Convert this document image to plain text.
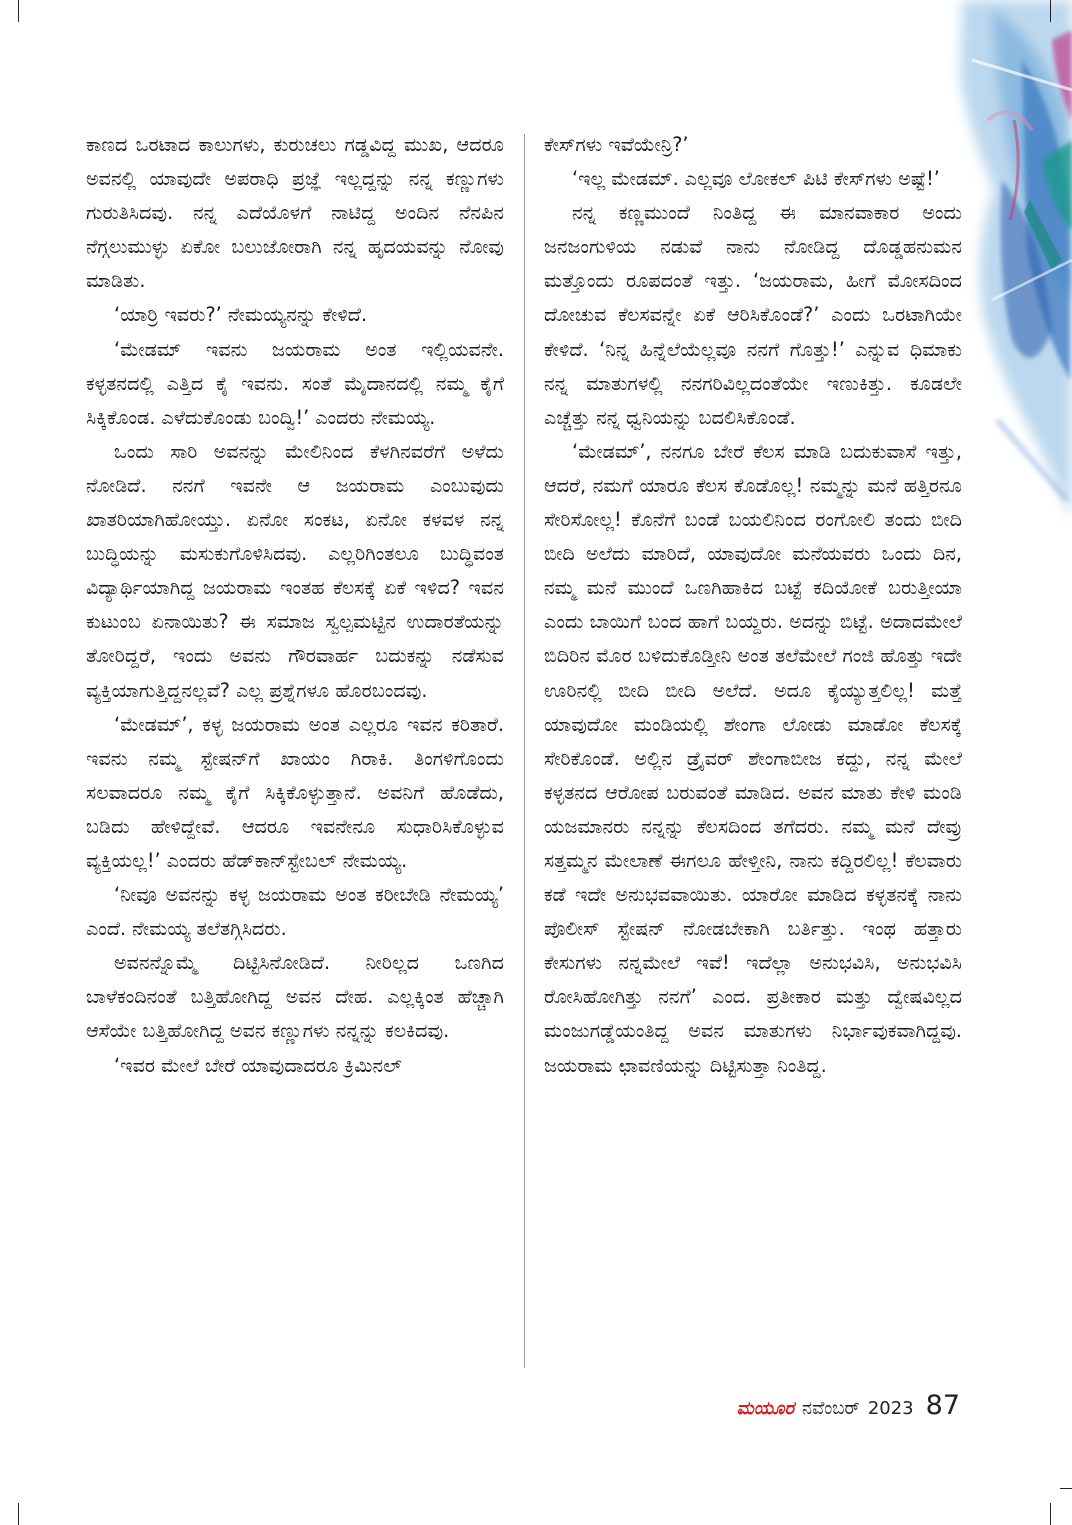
ಕಾಣದ ಒರಟಾದ ಕಾಲುಗಳು, ಕುರುಚಲು ಗಡ್ಡವಿದ್ದ ಮುಖ, ಆದರೂ ಅವನಲ್ಲಿ ಯಾವುದೇ ಅಪರಾಧಿ ಪ್ರಜ್ಞೆ ಇಲ್ಲದ್ದನ್ನು ನನ್ನ ಕಣ್ಣುಗಳು ಗುರುತಿಸಿದವು. ನನ್ನ ಎದೆಯೊಳಗೆ ನಾಟಿದ್ದ ಅಂದಿನ ನೆನಪಿನ ನೆಗ್ಗಲುಮುಳ್ಳು ಏಕೋ ಬಲುಜೋರಾಗಿ ನನ್ನ ಹೃದಯವನ್ನು ನೋವು ಮಾಡಿತು.

‘ಯಾರ್ರಿ ಇವರು?’ ನೇಮಯ್ಯನನ್ನು ಕೇಳಿದೆ.

‘ಮೇಡಮ್ ಇವನು ಜಯರಾಮ ಅಂತ ಇಲ್ಲಿಯವನೇ. ಕಳ್ಳತನದಲ್ಲಿ ಎತ್ತಿದ ಕೈ ಇವನು. ಸಂತೆ ಮೈದಾನದಲ್ಲಿ ನಮ್ಮ ಕೈಗೆ ಸಿಕ್ಕಿಕೊಂಡ. ಎಳೆದುಕೊಂಡು ಬಂದ್ವಿ!’ ಎಂದರು ನೇಮಯ್ಯ.

ಒಂದು ಸಾರಿ ಅವನನ್ನು ಮೇಲಿನಿಂದ ಕೆಳಗಿನವರೆಗೆ ಅಳೆದು ನೋಡಿದೆ. ನನಗೆ ಇವನೇ ಆ ಜಯರಾಮ ಎಂಬುವುದು ಖಾತರಿಯಾಗಿಹೋಯ್ತು. ಏನೋ ಸಂಕಟ, ಏನೋ ಕಳವಳ ನನ್ನ ಬುದ್ಧಿಯನ್ನು ಮಸುಕುಗೊಳಿಸಿದವು. ಎಲ್ಲರಿಗಿಂತಲೂ ಬುದ್ಧಿವಂತ ವಿದ್ಯಾರ್ಥಿಯಾಗಿದ್ದ ಜಯರಾಮ ಇಂತಹ ಕೆಲಸಕ್ಕೆ ಏಕೆ ಇಳಿದ? ಇವನ ಕುಟುಂಬ ಏನಾಯಿತು? ಈ ಸಮಾಜ ಸ್ವಲ್ಪಮಟ್ಟಿನ ಉದಾರತೆಯನ್ನು ತೋರಿದ್ದರೆ, ಇಂದು ಅವನು ಗೌರವಾರ್ಹ ಬದುಕನ್ನು ನಡೆಸುವ ವ್ಯಕ್ತಿಯಾಗುತ್ತಿದ್ದನಲ್ಲವೆ? ಎಲ್ಲ ಪ್ರಶ್ನೆಗಳೂ ಹೊರಬಂದವು.

‘ಮೇಡಮ್’, ಕಳ್ಳ ಜಯರಾಮ ಅಂತ ಎಲ್ಲರೂ ಇವನ ಕರಿತಾರೆ. ಇವನು ನಮ್ಮ ಸ್ಟೇಷನ್‌ಗೆ ಖಾಯಂ ಗಿರಾಕಿ. ತಿಂಗಳಿಗೊಂದು ಸಲವಾದರೂ ನಮ್ಮ ಕೈಗೆ ಸಿಕ್ಕಿಕೊಳ್ಳುತ್ತಾನೆ. ಅವನಿಗೆ ಹೊಡೆದು, ಬಡಿದು ಹೇಳಿದ್ದೇವೆ. ಆದರೂ ಇವನೇನೂ ಸುಧಾರಿಸಿಕೊಳ್ಳುವ ವ್ಯಕ್ತಿಯಲ್ಲ!’ ಎಂದರು ಹೆಡ್‌ಕಾನ್‌ಸ್ಟೇಬಲ್ ನೇಮಯ್ಯ.

‘ನೀವೂ ಅವನನ್ನು ಕಳ್ಳ ಜಯರಾಮ ಅಂತ ಕರೀಬೇಡಿ ನೇಮಯ್ಯ’ ಎಂದೆ. ನೇಮಯ್ಯ ತಲೆತಗ್ಗಿಸಿದರು.

ಅವನನ್ನೊಮ್ಮೆ ದಿಟ್ಟಿಸಿನೋಡಿದೆ. ನೀರಿಲ್ಲದ ಒಣಗಿದ ಬಾಳೆಕಂದಿನಂತೆ ಬತ್ತಿಹೋಗಿದ್ದ ಅವನ ದೇಹ. ಎಲ್ಲಕ್ಕಿಂತ ಹೆಚ್ಚಾಗಿ ಆಸೆಯೇ ಬತ್ತಿಹೋಗಿದ್ದ ಅವನ ಕಣ್ಣುಗಳು ನನ್ನನ್ನು ಕಲಕಿದವು.

‘ಇವರ ಮೇಲೆ ಬೇರೆ ಯಾವುದಾದರೂ ಕ್ರಿಮಿನಲ್

ಕೇಸ್‌ಗಳು ಇವೆಯೇನ್ರಿ?’

‘ಇಲ್ಲ ಮೇಡಮ್. ಎಲ್ಲವೂ ಲೋಕಲ್ ಪಿಟಿ ಕೇಸ್‌ಗಳು ಅಷ್ಟೆ!’

ನನ್ನ ಕಣ್ಣಮುಂದೆ ನಿಂತಿದ್ದ ಈ ಮಾನವಾಕಾರ ಅಂದು ಜನಜಂಗುಳಿಯ ನಡುವೆ ನಾನು ನೋಡಿದ್ದ ದೊಡ್ಡಹನುಮನ ಮತ್ತೊಂದು ರೂಪದಂತೆ ಇತ್ತು. ‘ಜಯರಾಮ, ಹೀಗೆ ಮೋಸದಿಂದ ದೋಚುವ ಕೆಲಸವನ್ನೇ ಏಕೆ ಆರಿಸಿಕೊಂಡೆ?’ ಎಂದು ಒರಟಾಗಿಯೇ ಕೇಳಿದೆ. ‘ನಿನ್ನ ಹಿನ್ನೆಲೆಯೆಲ್ಲವೂ ನನಗೆ ಗೊತ್ತು!’ ಎನ್ನುವ ಧಿಮಾಕು ನನ್ನ ಮಾತುಗಳಲ್ಲಿ ನನಗರಿವಿಲ್ಲದಂತೆಯೇ ಇಣುಕಿತ್ತು. ಕೂಡಲೇ ಎಚ್ಚೆತ್ತು ನನ್ನ ಧ್ವನಿಯನ್ನು ಬದಲಿಸಿಕೊಂಡೆ.

‘ಮೇಡಮ್’, ನನಗೂ ಬೇರೆ ಕೆಲಸ ಮಾಡಿ ಬದುಕುವಾಸೆ ಇತ್ತು, ಆದರೆ, ನಮಗೆ ಯಾರೂ ಕೆಲಸ ಕೊಡೊಲ್ಲ! ನಮ್ಮನ್ನು ಮನೆ ಹತ್ತಿರನೂ ಸೇರಿಸೋಲ್ಲ! ಕೊನೆಗೆ ಬಂಡೆ ಬಯಲಿನಿಂದ ರಂಗೋಲಿ ತಂದು ಬೀದಿ ಬೀದಿ ಅಲೆದು ಮಾರಿದೆ, ಯಾವುದೋ ಮನೆಯವರು ಒಂದು ದಿನ, ನಮ್ಮ ಮನೆ ಮುಂದೆ ಒಣಗಿಹಾಕಿದ ಬಟ್ಟೆ ಕದಿಯೋಕೆ ಬರುತ್ತೀಯಾ ಎಂದು ಬಾಯಿಗೆ ಬಂದ ಹಾಗೆ ಬಯ್ದರು. ಅದನ್ನು ಬಿಟ್ಟೆ. ಅದಾದಮೇಲೆ ಬಿದಿರಿನ ಮೊರ ಬಳಿದುಕೊಡ್ತೀನಿ ಅಂತ ತಲೆಮೇಲೆ ಗಂಜಿ ಹೊತ್ತು ಇದೇ ಊರಿನಲ್ಲಿ ಬೀದಿ ಬೀದಿ ಅಲೆದೆ. ಅದೂ ಕೈಯ್ಯುತ್ತಲಿಲ್ಲ! ಮತ್ತೆ ಯಾವುದೋ ಮಂಡಿಯಲ್ಲಿ ಶೇಂಗಾ ಲೋಡು ಮಾಡೋ ಕೆಲಸಕ್ಕೆ ಸೇರಿಕೊಂಡೆ. ಅಲ್ಲಿನ ಡ್ರೈವರ್ ಶೇಂಗಾಬೀಜ ಕದ್ದು, ನನ್ನ ಮೇಲೆ ಕಳ್ಳತನದ ಆರೋಪ ಬರುವಂತೆ ಮಾಡಿದ. ಅವನ ಮಾತು ಕೇಳಿ ಮಂಡಿ ಯಜಮಾನರು ನನ್ನನ್ನು ಕೆಲಸದಿಂದ ತಗೆದರು. ನಮ್ಮ ಮನೆ ದೇವ್ರು ಸತ್ತಮ್ಮನ ಮೇಲಾಣೆ ಈಗಲೂ ಹೇಳ್ತೀನಿ, ನಾನು ಕದ್ದಿರಲಿಲ್ಲ! ಕೆಲವಾರು ಕಡೆ ಇದೇ ಅನುಭವವಾಯಿತು. ಯಾರೋ ಮಾಡಿದ ಕಳ್ಳತನಕ್ಕೆ ನಾನು ಪೊಲೀಸ್ ಸ್ಟೇಷನ್ ನೋಡಬೇಕಾಗಿ ಬರ್ತಿತ್ತು. ಇಂಥ ಹತ್ತಾರು ಕೇಸುಗಳು ನನ್ನಮೇಲೆ ಇವೆ! ಇದೆಲ್ಲಾ ಅನುಭವಿಸಿ, ಅನುಭವಿಸಿ ರೋಸಿಹೋಗಿತ್ತು ನನಗೆ’ ಎಂದ. ಪ್ರತೀಕಾರ ಮತ್ತು ದ್ವೇಷವಿಲ್ಲದ ಮಂಜುಗಡ್ಡೆಯಂತಿದ್ದ ಅವನ ಮಾತುಗಳು ನಿರ್ಭಾವುಕವಾಗಿದ್ದವು. ಜಯರಾಮ ಛಾವಣಿಯನ್ನು ದಿಟ್ಟಿಸುತ್ತಾ ನಿಂತಿದ್ದ.

ಮಯೂರ ನವೆಂಬರ್ 2023 87
